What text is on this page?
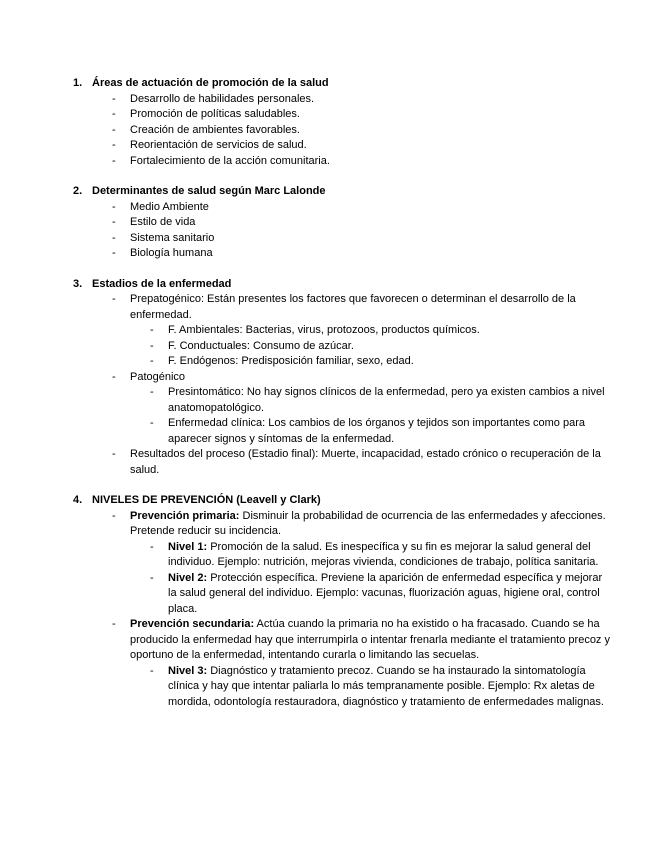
1. Áreas de actuación de promoción de la salud
- Desarrollo de habilidades personales.
- Promoción de políticas saludables.
- Creación de ambientes favorables.
- Reorientación de servicios de salud.
- Fortalecimiento de la acción comunitaria.
2. Determinantes de salud según Marc Lalonde
- Medio Ambiente
- Estilo de vida
- Sistema sanitario
- Biología humana
3. Estadios de la enfermedad
- Prepatogénico: Están presentes los factores que favorecen o determinan el desarrollo de la enfermedad.
- F. Ambientales: Bacterias, virus, protozoos, productos químicos.
- F. Conductuales: Consumo de azúcar.
- F. Endógenos: Predisposición familiar, sexo, edad.
- Patogénico
- Presintomático: No hay signos clínicos de la enfermedad, pero ya existen cambios a nivel anatomopatológico.
- Enfermedad clínica: Los cambios de los órganos y tejidos son importantes como para aparecer signos y síntomas de la enfermedad.
- Resultados del proceso (Estadio final): Muerte, incapacidad, estado crónico o recuperación de la salud.
4. NIVELES DE PREVENCIÓN (Leavell y Clark)
- Prevención primaria: Disminuir la probabilidad de ocurrencia de las enfermedades y afecciones. Pretende reducir su incidencia.
- Nivel 1: Promoción de la salud. Es inespecífica y su fin es mejorar la salud general del individuo. Ejemplo: nutrición, mejoras vivienda, condiciones de trabajo, política sanitaria.
- Nivel 2: Protección específica. Previene la aparición de enfermedad específica y mejorar la salud general del individuo. Ejemplo: vacunas, fluorización aguas, higiene oral, control placa.
- Prevención secundaria: Actúa cuando la primaria no ha existido o ha fracasado. Cuando se ha producido la enfermedad hay que interrumpirla o intentar frenarla mediante el tratamiento precoz y oportuno de la enfermedad, intentando curarla o limitando las secuelas.
- Nivel 3: Diagnóstico y tratamiento precoz. Cuando se ha instaurado la sintomatología clínica y hay que intentar paliarla lo más tempranamente posible. Ejemplo: Rx aletas de mordida, odontología restauradora, diagnóstico y tratamiento de enfermedades malignas.
